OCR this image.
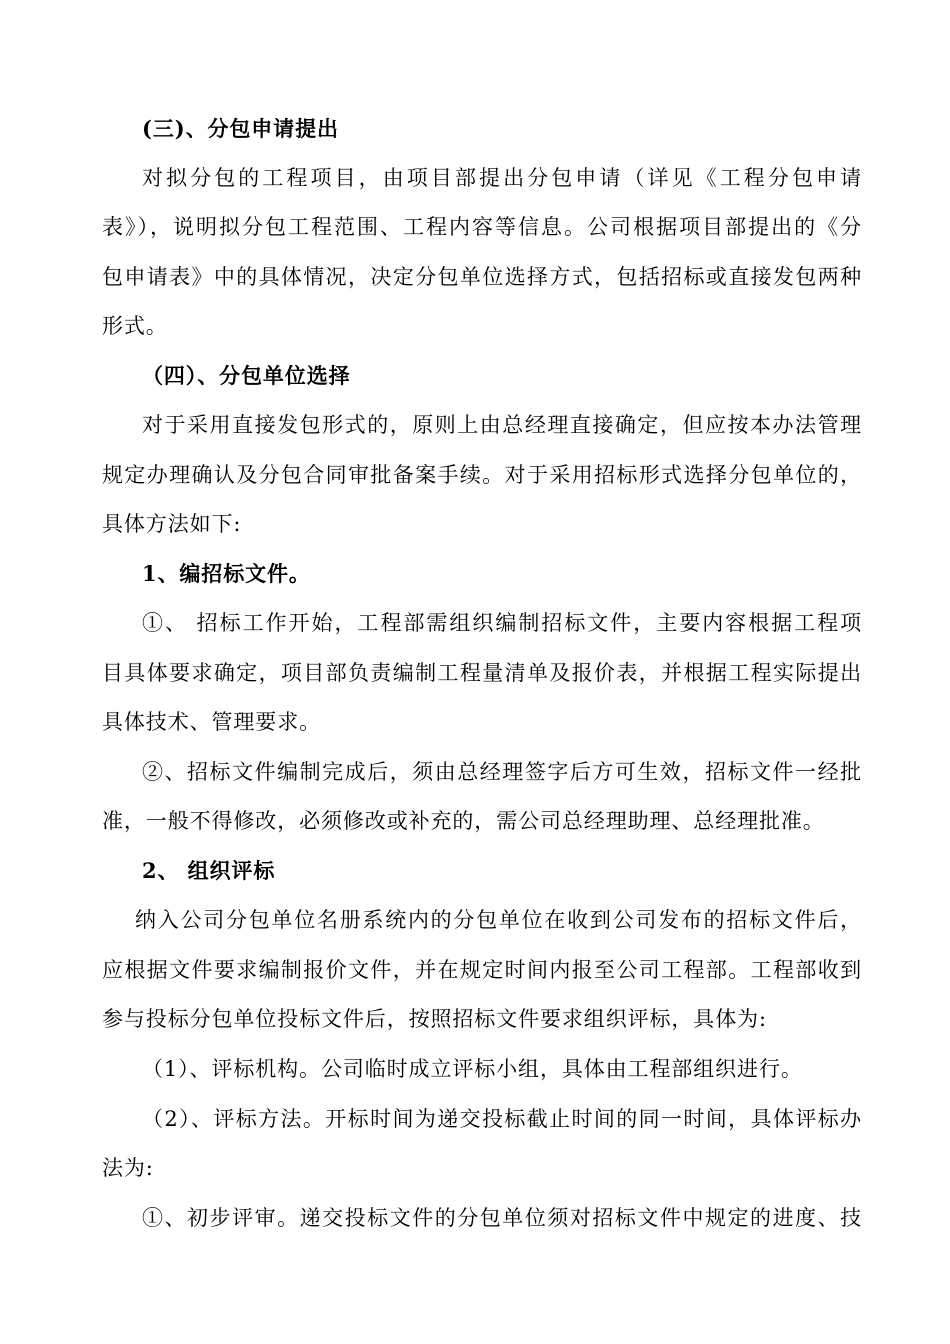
(三)、分包申请提出
对拟分包的工程项目，由项目部提出分包申请（详见《工程分包申请
表》），说明拟分包工程范围、工程内容等信息。公司根据项目部提出的《分
包申请表》中的具体情况，决定分包单位选择方式，包括招标或直接发包两种
形式。
（四）、分包单位选择
对于采用直接发包形式的，原则上由总经理直接确定，但应按本办法管理
规定办理确认及分包合同审批备案手续。对于采用招标形式选择分包单位的，
具体方法如下:
1、编招标文件。
①、 招标工作开始，工程部需组织编制招标文件，主要内容根据工程项
目具体要求确定，项目部负责编制工程量清单及报价表，并根据工程实际提出
具体技术、管理要求。
②、招标文件编制完成后，须由总经理签字后方可生效，招标文件一经批
准，一般不得修改，必须修改或补充的，需公司总经理助理、总经理批准。
2、 组织评标
纳入公司分包单位名册系统内的分包单位在收到公司发布的招标文件后，
应根据文件要求编制报价文件，并在规定时间内报至公司工程部。工程部收到
参与投标分包单位投标文件后，按照招标文件要求组织评标，具体为:
（1）、评标机构。公司临时成立评标小组，具体由工程部组织进行。
（2）、评标方法。开标时间为递交投标截止时间的同一时间，具体评标办
法为:
①、初步评审。递交投标文件的分包单位须对招标文件中规定的进度、技
